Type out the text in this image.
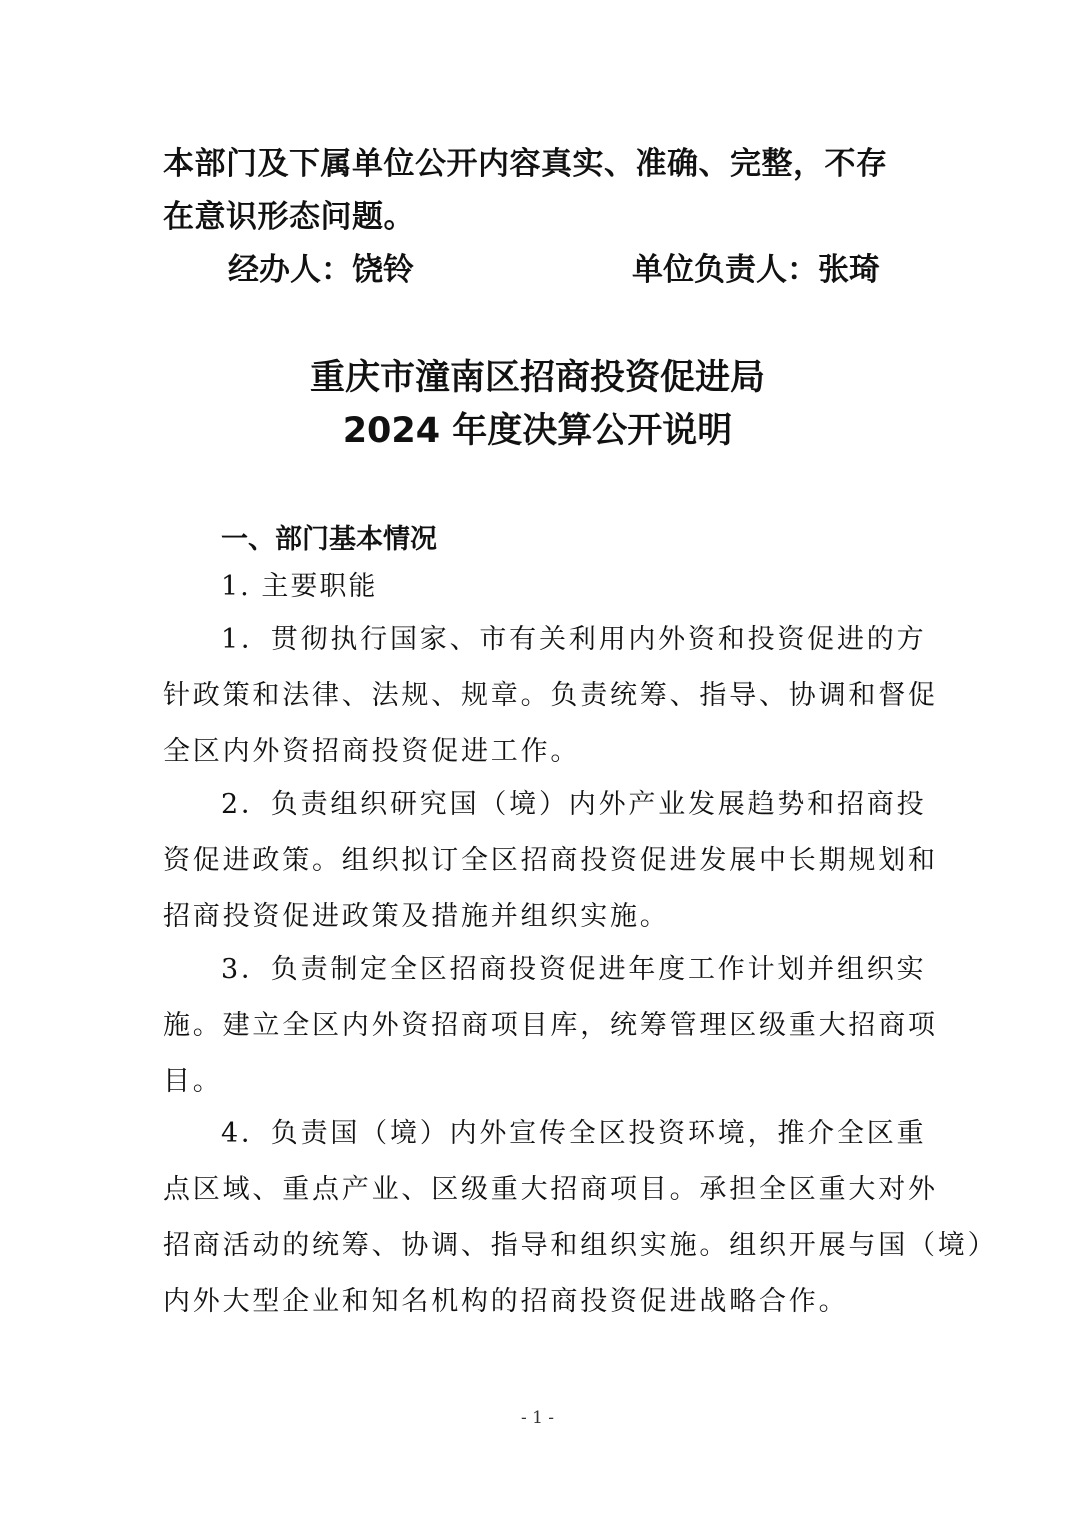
本部门及下属单位公开内容真实、准确、完整，不存
在意识形态问题。
经办人：饶铃	单位负责人：张琦
重庆市潼南区招商投资促进局
2024 年度决算公开说明
一、部门基本情况
1. 主要职能
1．贯彻执行国家、市有关利用内外资和投资促进的方
针政策和法律、法规、规章。负责统筹、指导、协调和督促
全区内外资招商投资促进工作。
2．负责组织研究国（境）内外产业发展趋势和招商投
资促进政策。组织拟订全区招商投资促进发展中长期规划和
招商投资促进政策及措施并组织实施。
3．负责制定全区招商投资促进年度工作计划并组织实
施。建立全区内外资招商项目库，统筹管理区级重大招商项
目。
4．负责国（境）内外宣传全区投资环境，推介全区重
点区域、重点产业、区级重大招商项目。承担全区重大对外
招商活动的统筹、协调、指导和组织实施。组织开展与国（境）
内外大型企业和知名机构的招商投资促进战略合作。
- 1 -
